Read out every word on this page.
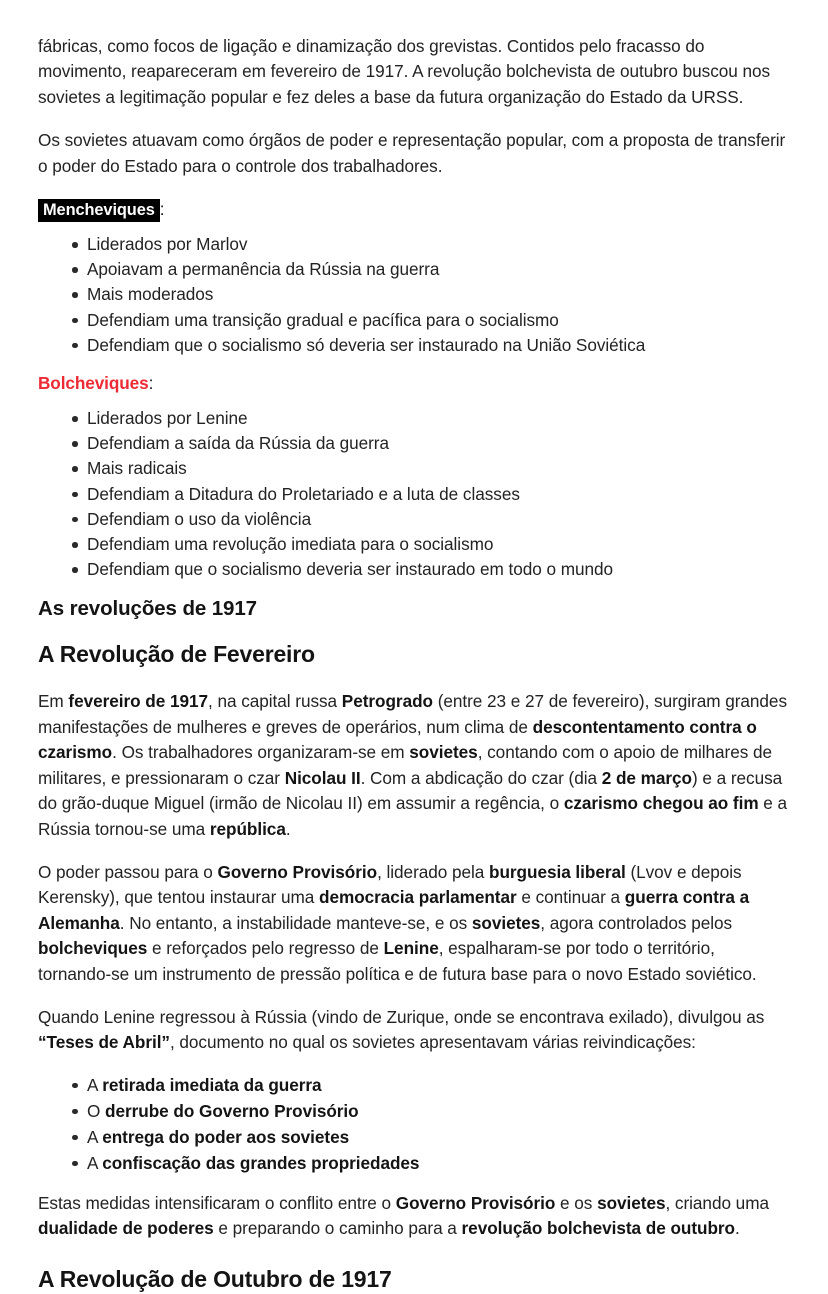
fábricas, como focos de ligação e dinamização dos grevistas. Contidos pelo fracasso do movimento, reapareceram em fevereiro de 1917. A revolução bolchevista de outubro buscou nos sovietes a legitimação popular e fez deles a base da futura organização do Estado da URSS.

Os sovietes atuavam como órgãos de poder e representação popular, com a proposta de transferir o poder do Estado para o controle dos trabalhadores.

Mencheviques :

Liderados por Marlov
Apoiavam a permanência da Rússia na guerra
Mais moderados
Defendiam uma transição gradual e pacífica para o socialismo
Defendiam que o socialismo só deveria ser instaurado na União Soviética

Bolcheviques:

Liderados por Lenine
Defendiam a saída da Rússia da guerra
Mais radicais
Defendiam a Ditadura do Proletariado e a luta de classes
Defendiam o uso da violência
Defendiam uma revolução imediata para o socialismo
Defendiam que o socialismo deveria ser instaurado em todo o mundo
As revoluções de 1917
A Revolução de Fevereiro

Em fevereiro de 1917, na capital russa Petrogrado (entre 23 e 27 de fevereiro), surgiram grandes manifestações de mulheres e greves de operários, num clima de descontentamento contra o czarismo. Os trabalhadores organizaram-se em sovietes, contando com o apoio de milhares de militares, e pressionaram o czar Nicolau II. Com a abdicação do czar (dia 2 de março) e a recusa do grão-duque Miguel (irmão de Nicolau II) em assumir a regência, o czarismo chegou ao fim e a Rússia tornou-se uma república.

O poder passou para o Governo Provisório, liderado pela burguesia liberal (Lvov e depois Kerensky), que tentou instaurar uma democracia parlamentar e continuar a guerra contra a Alemanha. No entanto, a instabilidade manteve-se, e os sovietes, agora controlados pelos bolcheviques e reforçados pelo regresso de Lenine, espalharam-se por todo o território, tornando-se um instrumento de pressão política e de futura base para o novo Estado soviético.

Quando Lenine regressou à Rússia (vindo de Zurique, onde se encontrava exilado), divulgou as “Teses de Abril”, documento no qual os sovietes apresentavam várias reivindicações:

A retirada imediata da guerra
O derrube do Governo Provisório
A entrega do poder aos sovietes
A confiscação das grandes propriedades

Estas medidas intensificaram o conflito entre o Governo Provisório e os sovietes, criando uma dualidade de poderes e preparando o caminho para a revolução bolchevista de outubro.

A Revolução de Outubro de 1917
